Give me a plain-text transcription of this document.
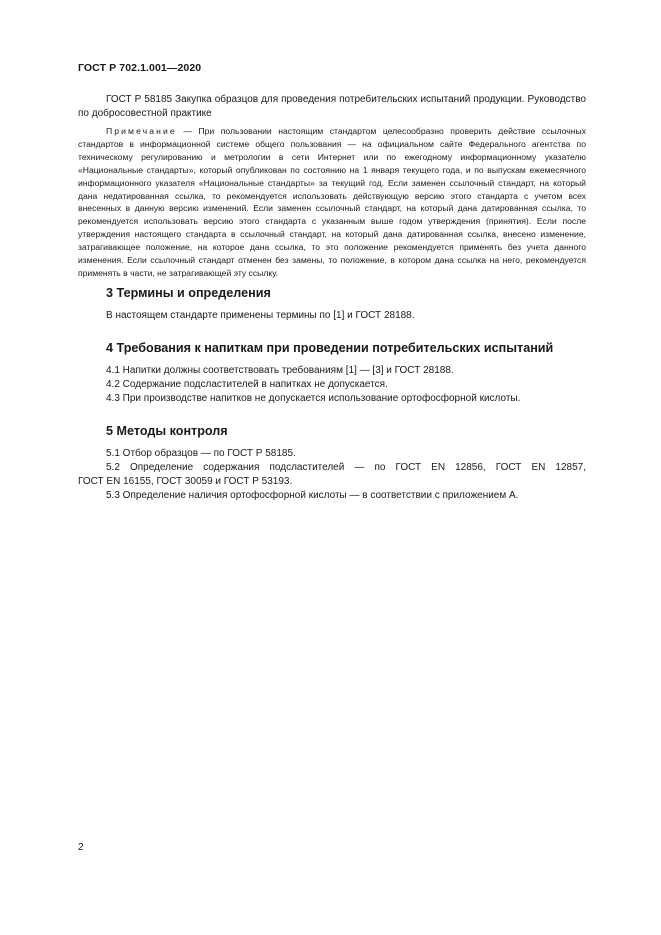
ГОСТ Р 702.1.001—2020
ГОСТ Р 58185 Закупка образцов для проведения потребительских испытаний продукции. Руководство по добросовестной практике
Примечание — При пользовании настоящим стандартом целесообразно проверить действие ссылочных стандартов в информационной системе общего пользования — на официальном сайте Федерального агентства по техническому регулированию и метрологии в сети Интернет или по ежегодному информационному указателю «Национальные стандарты», который опубликован по состоянию на 1 января текущего года, и по выпускам ежемесячного информационного указателя «Национальные стандарты» за текущий год. Если заменен ссылочный стандарт, на который дана недатированная ссылка, то рекомендуется использовать действующую версию этого стандарта с учетом всех внесенных в данную версию изменений. Если заменен ссылочный стандарт, на который дана датированная ссылка, то рекомендуется использовать версию этого стандарта с указанным выше годом утверждения (принятия). Если после утверждения настоящего стандарта в ссылочный стандарт, на который дана датированная ссылка, внесено изменение, затрагивающее положение, на которое дана ссылка, то это положение рекомендуется применять без учета данного изменения. Если ссылочный стандарт отменен без замены, то положение, в котором дана ссылка на него, рекомендуется применять в части, не затрагивающей эту ссылку.
3 Термины и определения
В настоящем стандарте применены термины по [1] и ГОСТ 28188.
4 Требования к напиткам при проведении потребительских испытаний
4.1 Напитки должны соответствовать требованиям [1] — [3] и ГОСТ 28188.
4.2 Содержание подсластителей в напитках не допускается.
4.3 При производстве напитков не допускается использование ортофосфорной кислоты.
5 Методы контроля
5.1 Отбор образцов — по ГОСТ Р 58185.
5.2 Определение содержания подсластителей — по ГОСТ EN 12856, ГОСТ EN 12857,
ГОСТ EN 16155, ГОСТ 30059 и ГОСТ Р 53193.
5.3 Определение наличия ортофосфорной кислоты — в соответствии с приложением А.
2
